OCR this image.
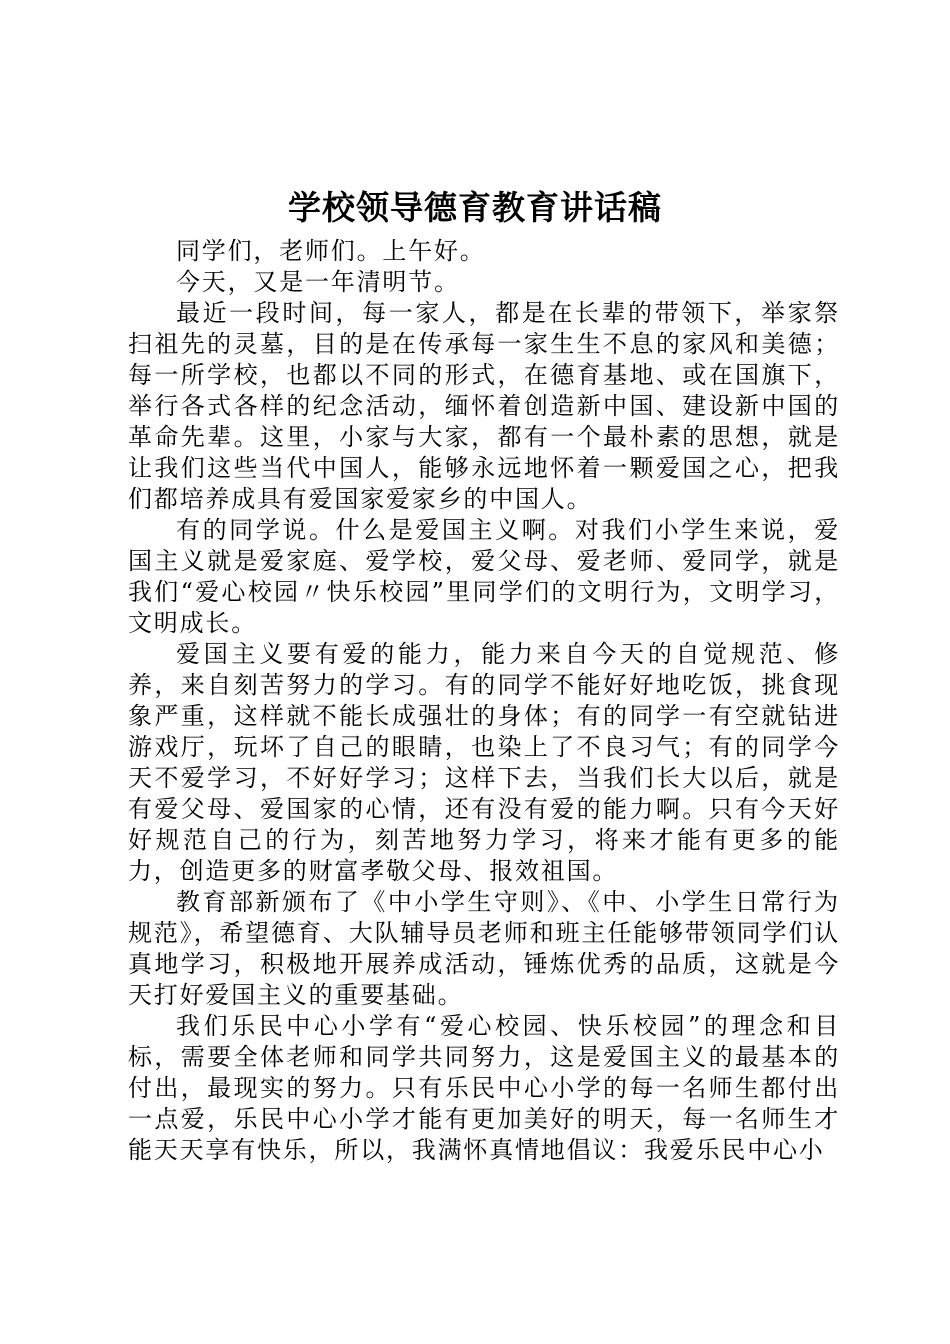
学校领导德育教育讲话稿

同学们，老师们。上午好。

今天，又是一年清明节。

最近一段时间，每一家人，都是在长辈的带领下，举家祭扫祖先的灵墓，目的是在传承每一家生生不息的家风和美德；每一所学校，也都以不同的形式，在德育基地、或在国旗下，举行各式各样的纪念活动，缅怀着创造新中国、建设新中国的革命先辈。这里，小家与大家，都有一个最朴素的思想，就是让我们这些当代中国人，能够永远地怀着一颗爱国之心，把我们都培养成具有爱国家爱家乡的中国人。

有的同学说。什么是爱国主义啊。对我们小学生来说，爱国主义就是爱家庭、爱学校，爱父母、爱老师、爱同学，就是我们“爱心校园〃快乐校园”里同学们的文明行为，文明学习，文明成长。

爱国主义要有爱的能力，能力来自今天的自觉规范、修养，来自刻苦努力的学习。有的同学不能好好地吃饭，挑食现象严重，这样就不能长成强壮的身体；有的同学一有空就钻进游戏厅，玩坏了自己的眼睛，也染上了不良习气；有的同学今天不爱学习，不好好学习；这样下去，当我们长大以后，就是有爱父母、爱国家的心情，还有没有爱的能力啊。只有今天好好规范自己的行为，刻苦地努力学习，将来才能有更多的能力，创造更多的财富孝敬父母、报效祖国。

教育部新颁布了《中小学生守则》、《中、小学生日常行为规范》，希望德育、大队辅导员老师和班主任能够带领同学们认真地学习，积极地开展养成活动，锤炼优秀的品质，这就是今天打好爱国主义的重要基础。

我们乐民中心小学有“爱心校园、快乐校园”的理念和目标，需要全体老师和同学共同努力，这是爱国主义的最基本的付出，最现实的努力。只有乐民中心小学的每一名师生都付出一点爱，乐民中心小学才能有更加美好的明天，每一名师生才能天天享有快乐，所以，我满怀真情地倡议：我爱乐民中心小
